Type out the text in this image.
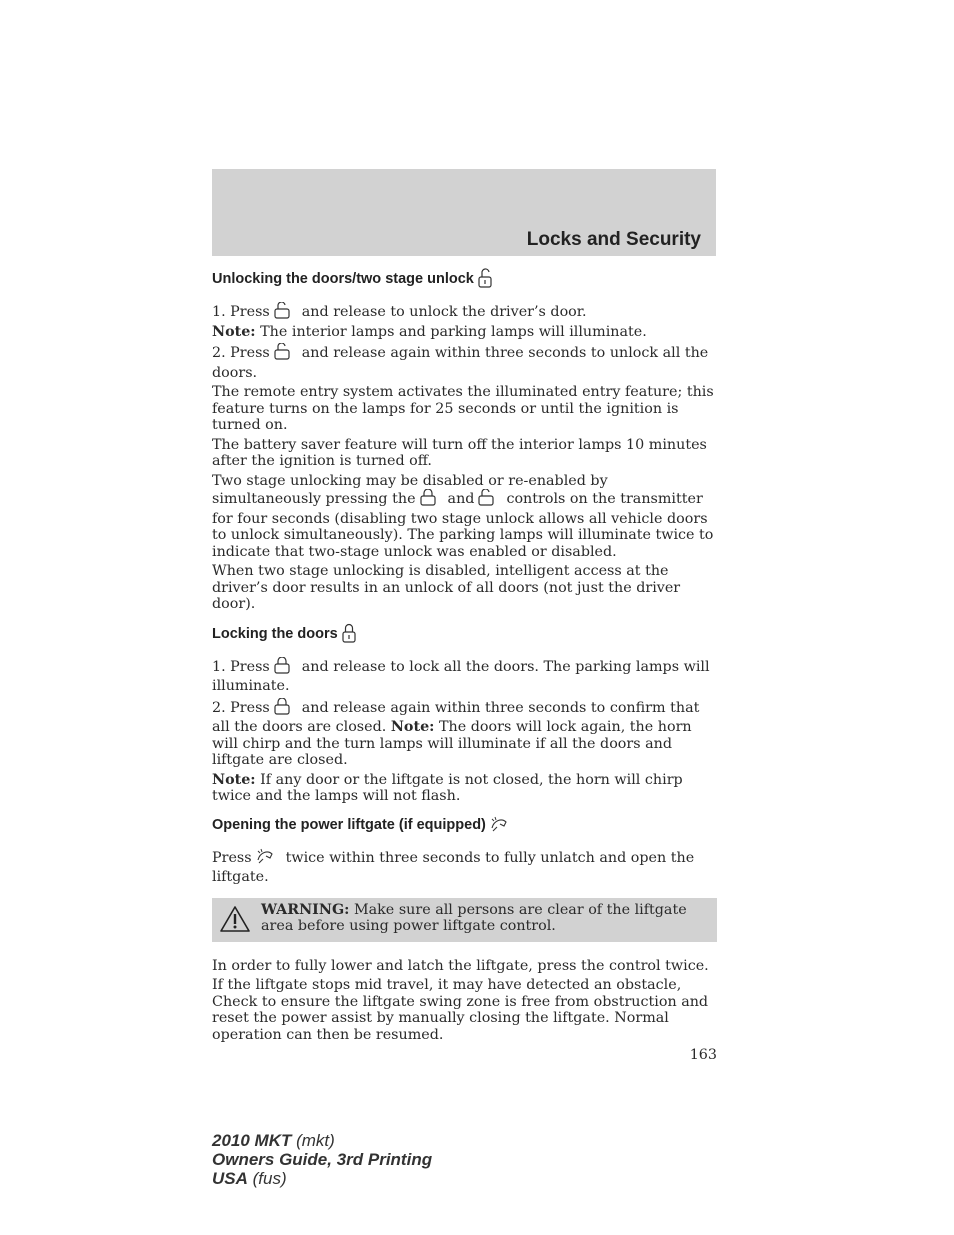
Locks and Security
Unlocking the doors/two stage unlock

1. Press and release to unlock the driver’s door.
Note: The interior lamps and parking lamps will illuminate.

2. Press and release again within three seconds to unlock all the doors.

The remote entry system activates the illuminated entry feature; this feature turns on the lamps for 25 seconds or until the ignition is turned on.

The battery saver feature will turn off the interior lamps 10 minutes after the ignition is turned off.

Two stage unlocking may be disabled or re-enabled by simultaneously pressing the and controls on the transmitter for four seconds (disabling two stage unlock allows all vehicle doors to unlock simultaneously). The parking lamps will illuminate twice to indicate that two-stage unlock was enabled or disabled.

When two stage unlocking is disabled, intelligent access at the driver’s door results in an unlock of all doors (not just the driver door).

Locking the doors

1. Press and release to lock all the doors. The parking lamps will illuminate.

2. Press and release again within three seconds to confirm that all the doors are closed. Note: The doors will lock again, the horn will chirp and the turn lamps will illuminate if all the doors and liftgate are closed.

Note: If any door or the liftgate is not closed, the horn will chirp twice and the lamps will not flash.

Opening the power liftgate (if equipped)

Press twice within three seconds to fully unlatch and open the liftgate.

WARNING: Make sure all persons are clear of the liftgate area before using power liftgate control.

In order to fully lower and latch the liftgate, press the control twice.

If the liftgate stops mid travel, it may have detected an obstacle, Check to ensure the liftgate swing zone is free from obstruction and reset the power assist by manually closing the liftgate. Normal operation can then be resumed.

163
2010 MKT (mkt)
Owners Guide, 3rd Printing
USA (fus)
